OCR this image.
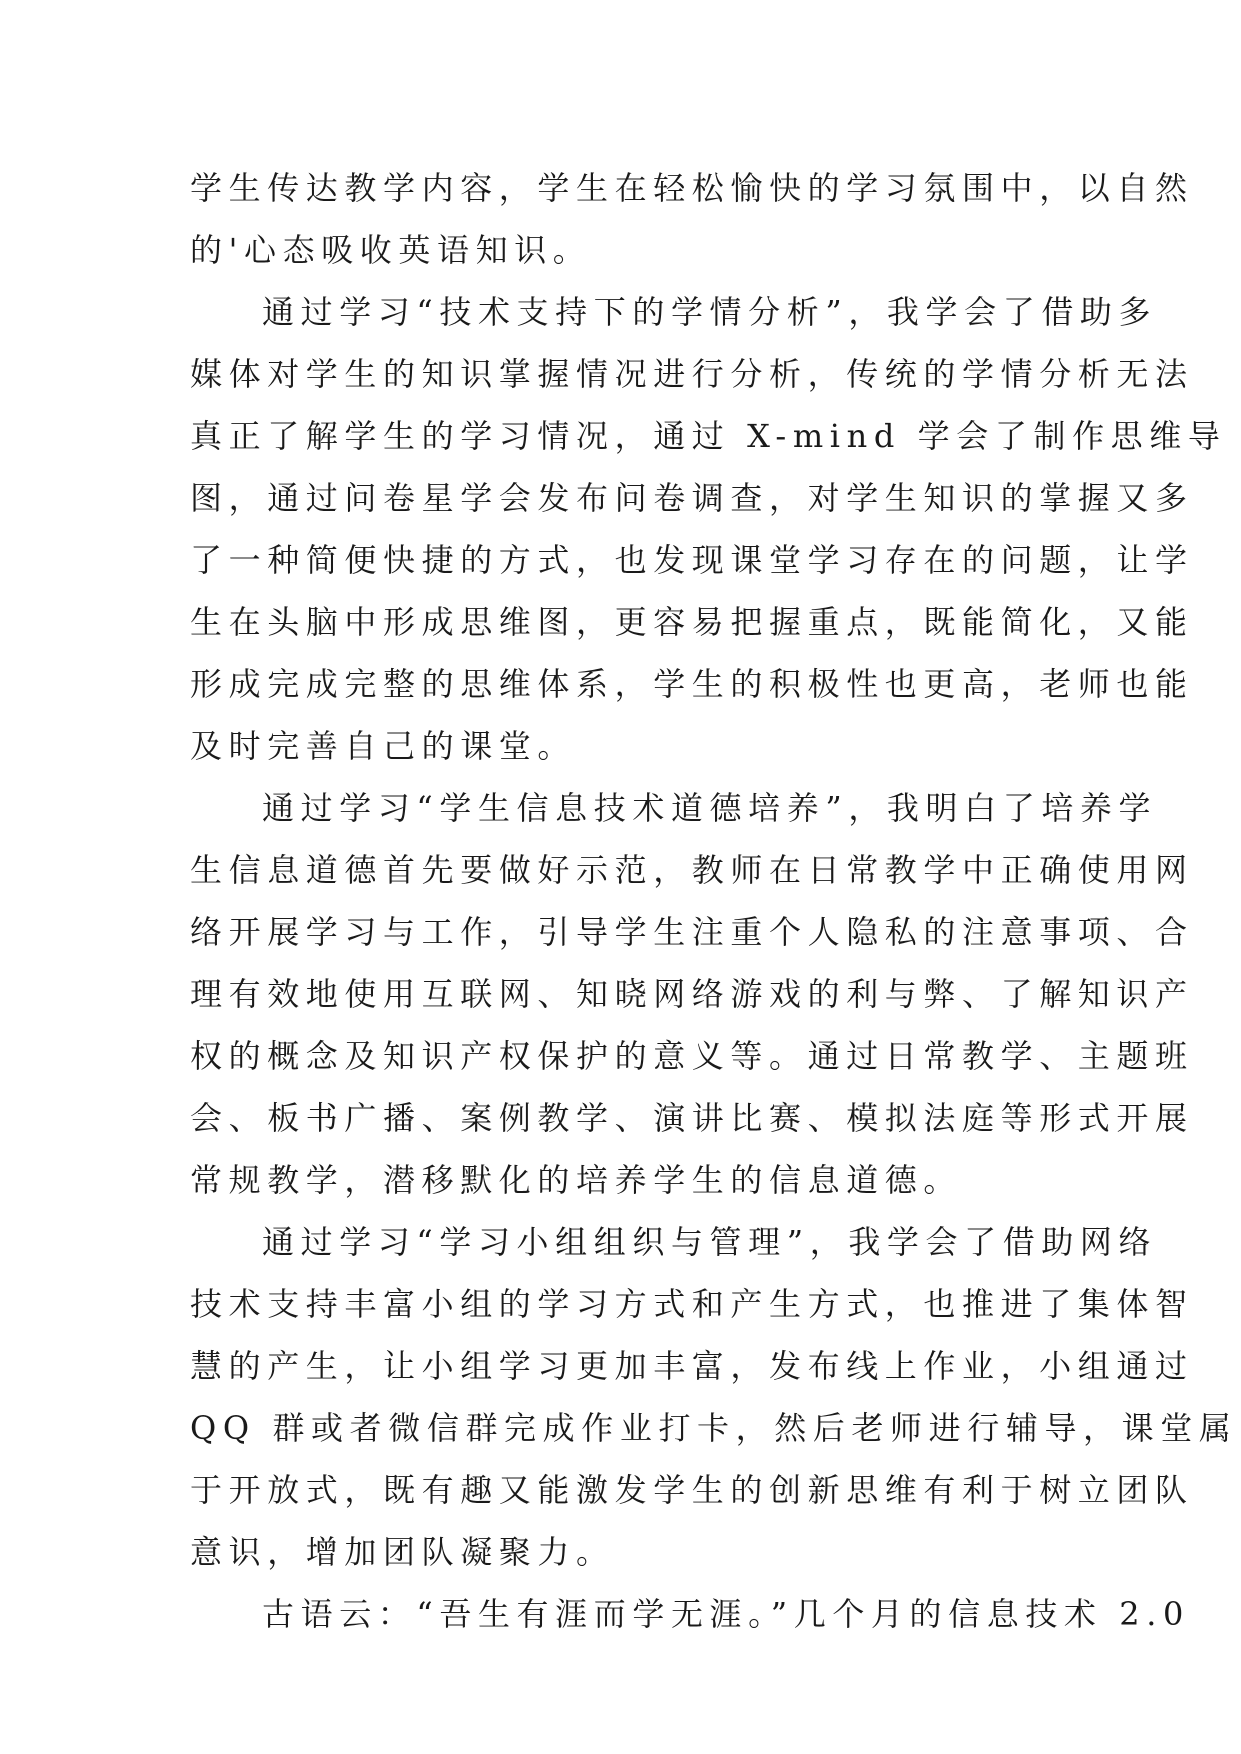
学生传达教学内容，学生在轻松愉快的学习氛围中，以自然
的'心态吸收英语知识。
通过学习“技术支持下的学情分析”，我学会了借助多
媒体对学生的知识掌握情况进行分析，传统的学情分析无法
真正了解学生的学习情况，通过 X-mind 学会了制作思维导
图，通过问卷星学会发布问卷调查，对学生知识的掌握又多
了一种简便快捷的方式，也发现课堂学习存在的问题，让学
生在头脑中形成思维图，更容易把握重点，既能简化，又能
形成完成完整的思维体系，学生的积极性也更高，老师也能
及时完善自己的课堂。
通过学习“学生信息技术道德培养”，我明白了培养学
生信息道德首先要做好示范，教师在日常教学中正确使用网
络开展学习与工作，引导学生注重个人隐私的注意事项、合
理有效地使用互联网、知晓网络游戏的利与弊、了解知识产
权的概念及知识产权保护的意义等。通过日常教学、主题班
会、板书广播、案例教学、演讲比赛、模拟法庭等形式开展
常规教学，潜移默化的培养学生的信息道德。
通过学习“学习小组组织与管理”，我学会了借助网络
技术支持丰富小组的学习方式和产生方式，也推进了集体智
慧的产生，让小组学习更加丰富，发布线上作业，小组通过
QQ 群或者微信群完成作业打卡，然后老师进行辅导，课堂属
于开放式，既有趣又能激发学生的创新思维有利于树立团队
意识，增加团队凝聚力。
古语云：“吾生有涯而学无涯。”几个月的信息技术 2.0
